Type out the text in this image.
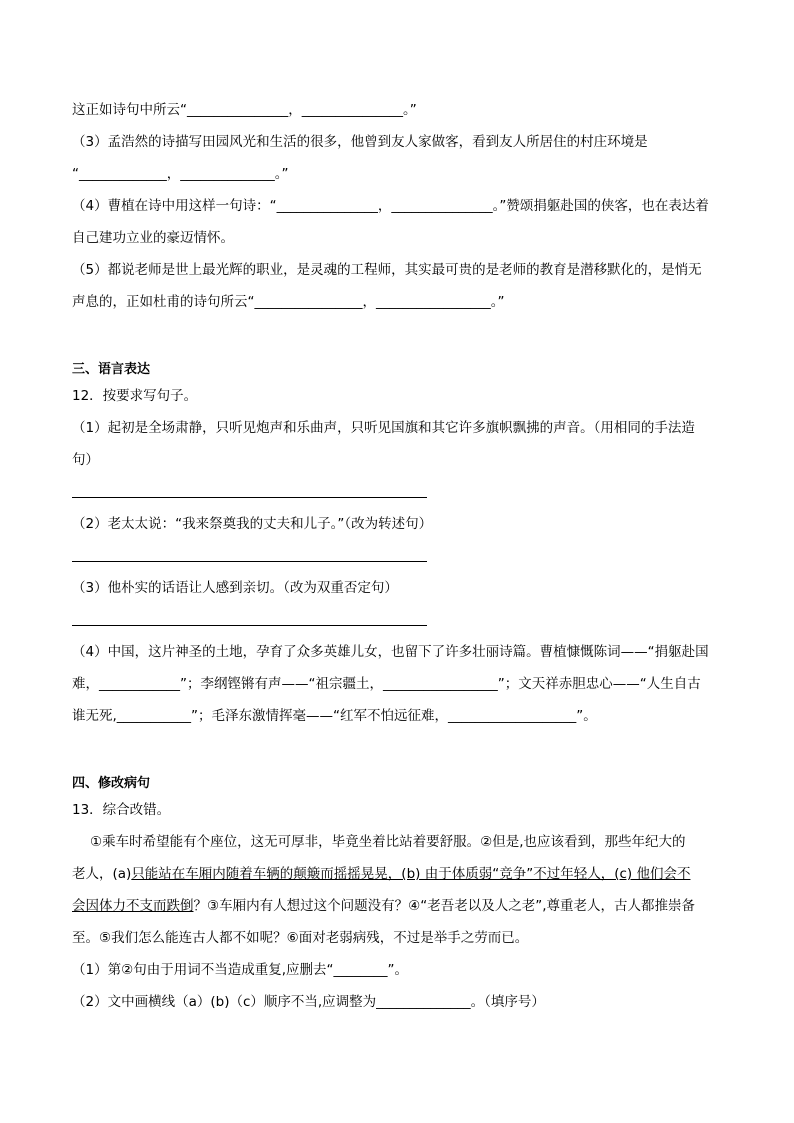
这正如诗句中所云“_______________，_______________。”
（3）孟浩然的诗描写田园风光和生活的很多，他曾到友人家做客，看到友人所居住的村庄环境是
“_____________，______________。”
（4）曹植在诗中用这样一句诗：“_______________，_______________。”赞颂捐躯赴国的侠客，也在表达着
自己建功立业的豪迈情怀。
（5）都说老师是世上最光辉的职业，是灵魂的工程师，其实最可贵的是老师的教育是潜移默化的，是悄无
声息的，正如杜甫的诗句所云“________________，_________________。”
三、语言表达
12．按要求写句子。
（1）起初是全场肃静，只听见炮声和乐曲声，只听见国旗和其它许多旗帜飘拂的声音。（用相同的手法造
句）
（2）老太太说：“我来祭奠我的丈夫和儿子。”（改为转述句）
（3）他朴实的话语让人感到亲切。（改为双重否定句）
（4）中国，这片神圣的土地，孕育了众多英雄儿女，也留下了许多壮丽诗篇。曹植慷慨陈词——“捐躯赴国
难，____________”；李纲铿锵有声——“祖宗疆土，_________________”；文天祥赤胆忠心——“人生自古
谁无死,___________”；毛泽东激情挥毫——“红军不怕远征难，___________________”。
四、修改病句
13．综合改错。
①乘车时希望能有个座位，这无可厚非，毕竟坐着比站着要舒服。②但是,也应该看到，那些年纪大的
老人，(a)只能站在车厢内随着车辆的颠簸而摇摇晃晃，(b) 由于体质弱“竞争”不过年轻人，(c) 他们会不
会因体力不支而跌倒？③车厢内有人想过这个问题没有？④“老吾老以及人之老”,尊重老人，古人都推崇备
至。⑤我们怎么能连古人都不如呢？⑥面对老弱病残，不过是举手之劳而已。
（1）第②句由于用词不当造成重复,应删去“________”。
（2）文中画横线（a）(b)（c）顺序不当,应调整为______________。（填序号）
